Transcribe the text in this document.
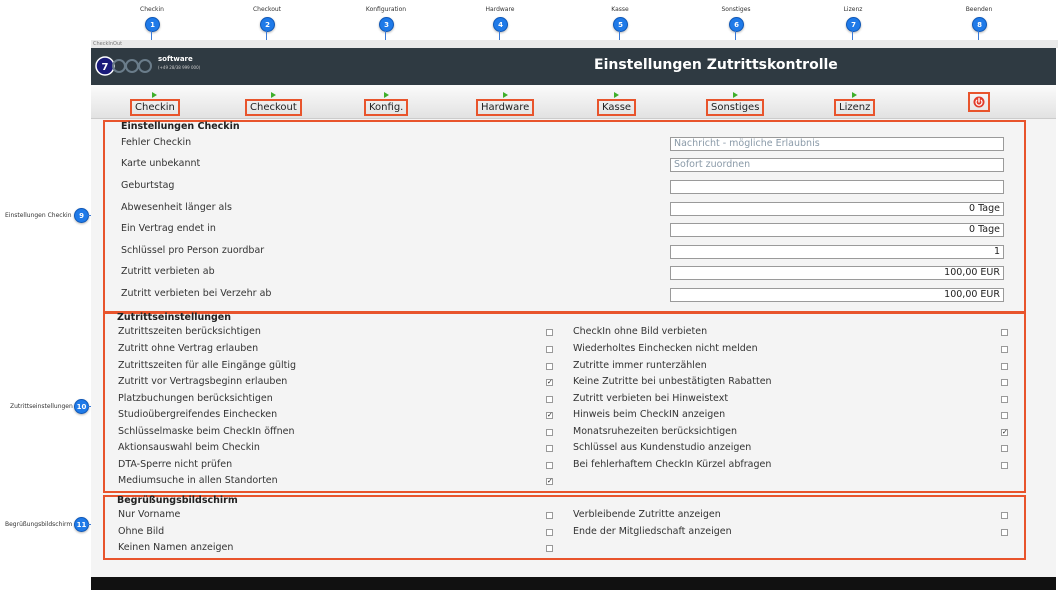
Checkin
1
Checkout
2
Konfiguration
3
Hardware
4
Kasse
5
Sonstiges
6
Lizenz
7
Beenden
8
Einstellungen Checkin	9
Zutrittseinstellungen 10
Begrüßungsbildschirm 11
CheckInOut
7
software
(+49 28/38 999 000)	Einstellungen Zutrittskontrolle
Checkin	Checkout	Konfig.	Hardware	Kasse	Sonstiges	Lizenz
Einstellungen Checkin
Fehler Checkin	Nachricht - mögliche Erlaubnis
Karte unbekannt	Sofort zuordnen
Geburtstag
Abwesenheit länger als	0 Tage
Ein Vertrag endet in	0 Tage
Schlüssel pro Person zuordbar	1
Zutritt verbieten ab	100,00 EUR
Zutritt verbieten bei Verzehr ab	100,00 EUR
Zutrittseinstellungen
Zutrittszeiten berücksichtigen
Zutritt ohne Vertrag erlauben
Zutrittszeiten für alle Eingänge gültig
Zutritt vor Vertragsbeginn erlauben	✓
Platzbuchungen berücksichtigen
Studioübergreifendes Einchecken	✓
Schlüsselmaske beim CheckIn öffnen
Aktionsauswahl beim Checkin
DTA-Sperre nicht prüfen
Mediumsuche in allen Standorten	✓
CheckIn ohne Bild verbieten
Wiederholtes Einchecken nicht melden
Zutritte immer runterzählen
Keine Zutritte bei unbestätigten Rabatten
Zutritt verbieten bei Hinweistext
Hinweis beim CheckIN anzeigen
Monatsruhezeiten berücksichtigen	✓
Schlüssel aus Kundenstudio anzeigen
Bei fehlerhaftem CheckIn Kürzel abfragen
Begrüßungsbildschirm
Nur Vorname
Ohne Bild
Keinen Namen anzeigen
Verbleibende Zutritte anzeigen
Ende der Mitgliedschaft anzeigen
